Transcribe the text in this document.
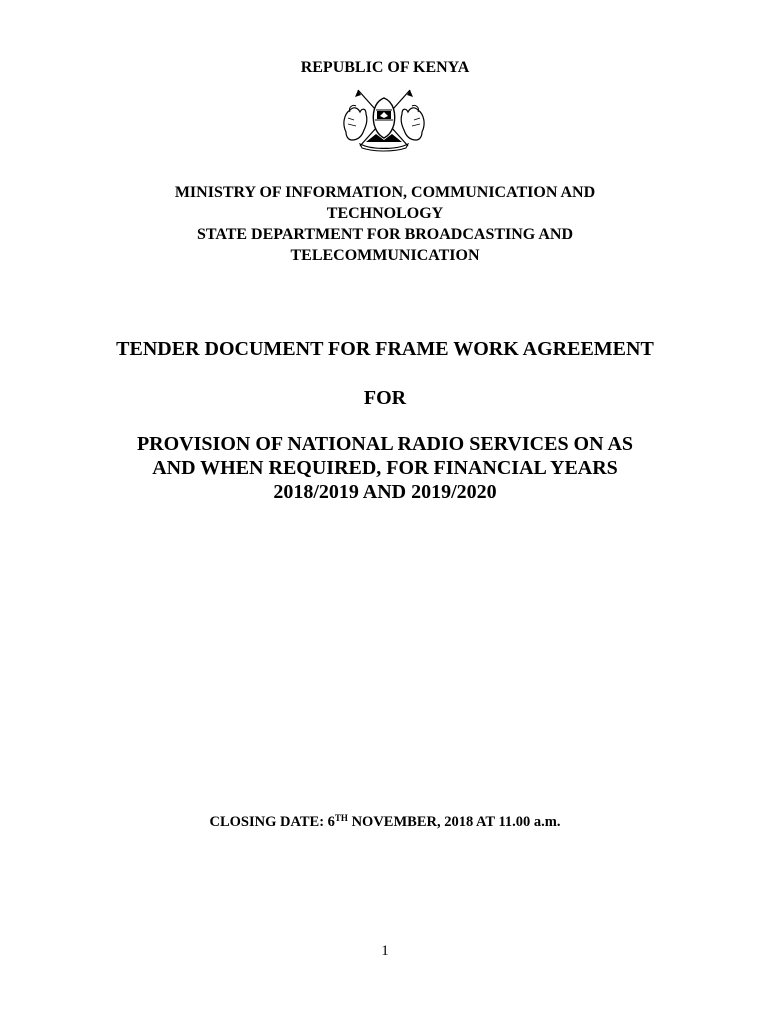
REPUBLIC OF KENYA
MINISTRY OF INFORMATION, COMMUNICATION AND
TECHNOLOGY
STATE DEPARTMENT FOR BROADCASTING AND
TELECOMMUNICATION
TENDER DOCUMENT FOR FRAME WORK AGREEMENT
FOR
PROVISION OF NATIONAL RADIO SERVICES ON AS
AND WHEN REQUIRED, FOR FINANCIAL YEARS
2018/2019 AND 2019/2020
CLOSING DATE: 6TH NOVEMBER, 2018 AT 11.00 a.m.
1
